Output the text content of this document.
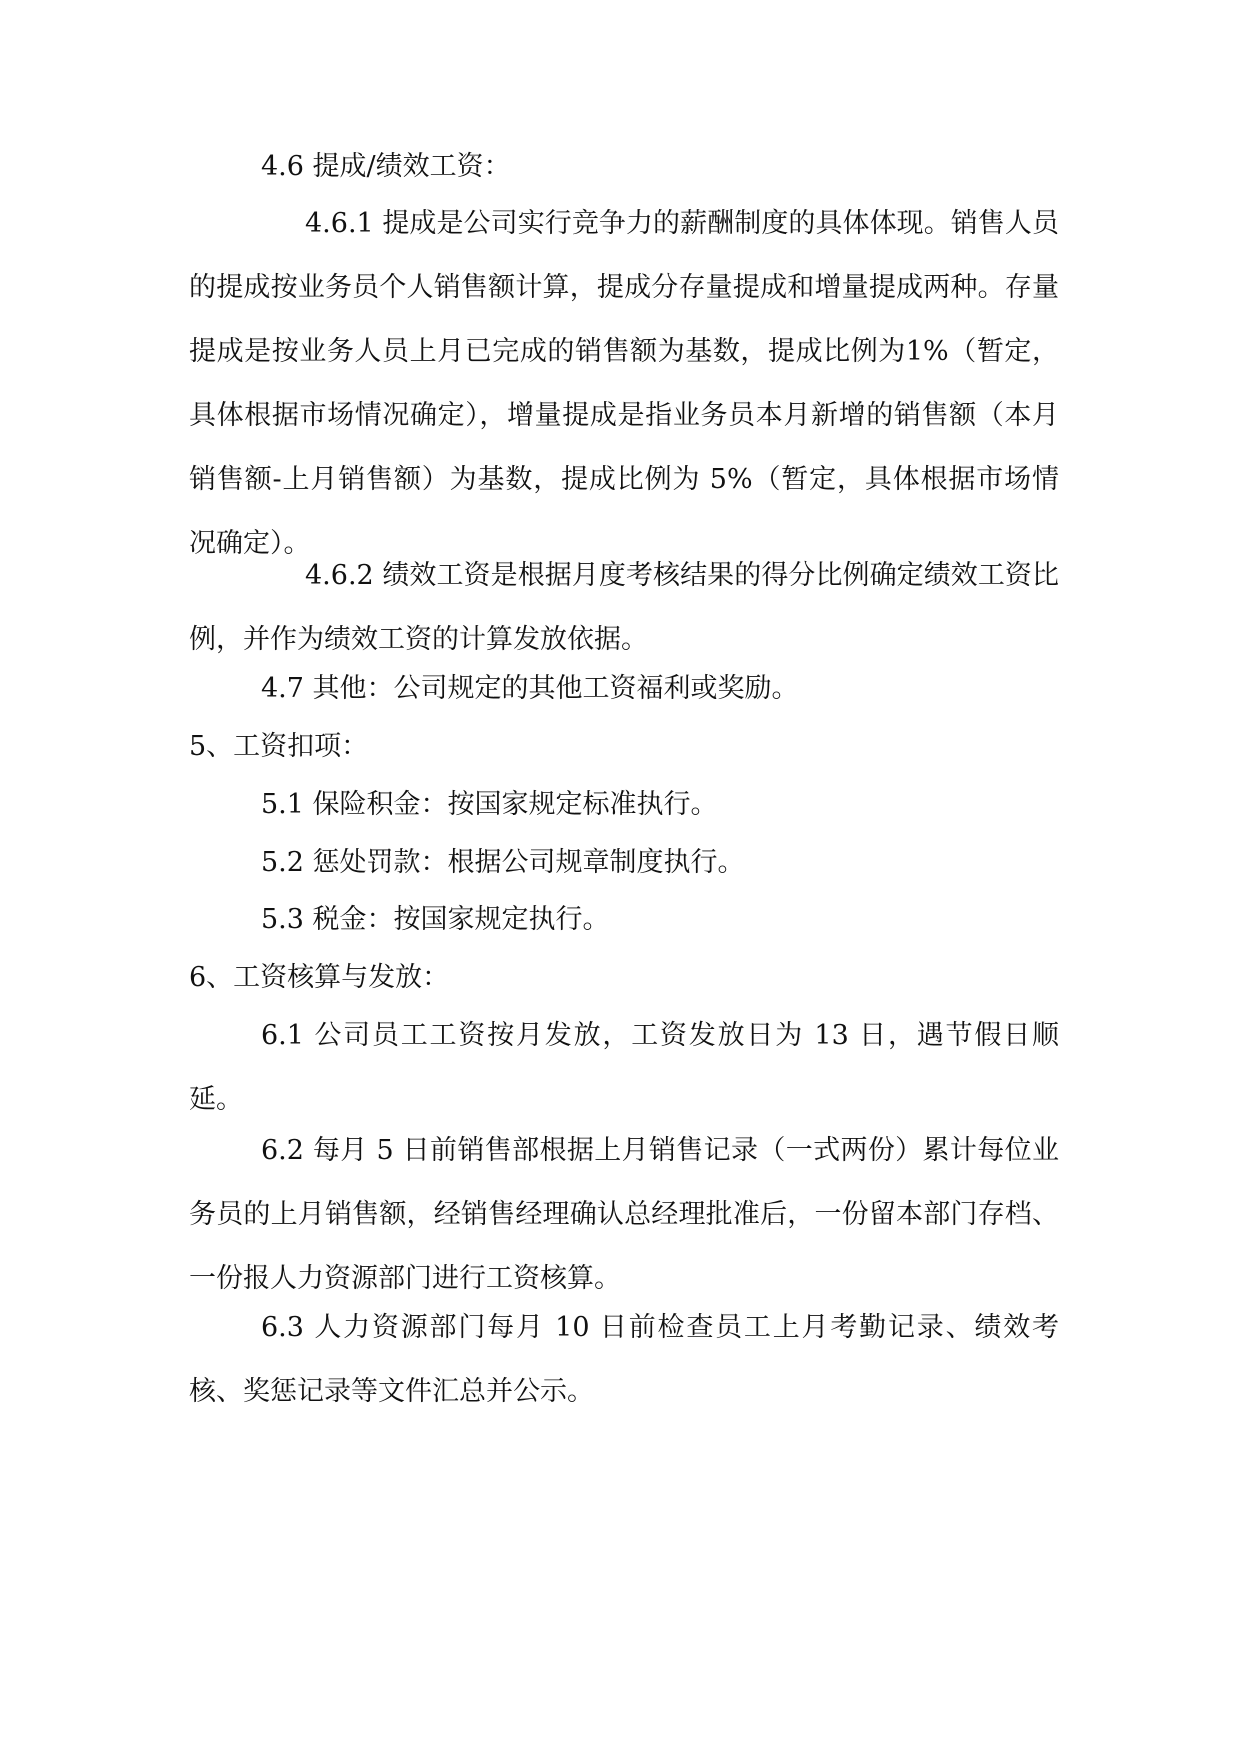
4.6 提成/绩效工资：
4.6.1 提成是公司实行竞争力的薪酬制度的具体体现。销售人员的提成按业务员个人销售额计算，提成分存量提成和增量提成两种。存量提成是按业务人员上月已完成的销售额为基数，提成比例为1%（暂定，具体根据市场情况确定），增量提成是指业务员本月新增的销售额（本月销售额-上月销售额）为基数，提成比例为 5%（暂定，具体根据市场情况确定）。
4.6.2 绩效工资是根据月度考核结果的得分比例确定绩效工资比例，并作为绩效工资的计算发放依据。
4.7 其他：公司规定的其他工资福利或奖励。
5、工资扣项：
5.1 保险积金：按国家规定标准执行。
5.2 惩处罚款：根据公司规章制度执行。
5.3 税金：按国家规定执行。
6、工资核算与发放：
6.1 公司员工工资按月发放，工资发放日为 13 日，遇节假日顺延。
6.2 每月 5 日前销售部根据上月销售记录（一式两份）累计每位业务员的上月销售额，经销售经理确认总经理批准后，一份留本部门存档、一份报人力资源部门进行工资核算。
6.3 人力资源部门每月 10 日前检查员工上月考勤记录、绩效考核、奖惩记录等文件汇总并公示。
